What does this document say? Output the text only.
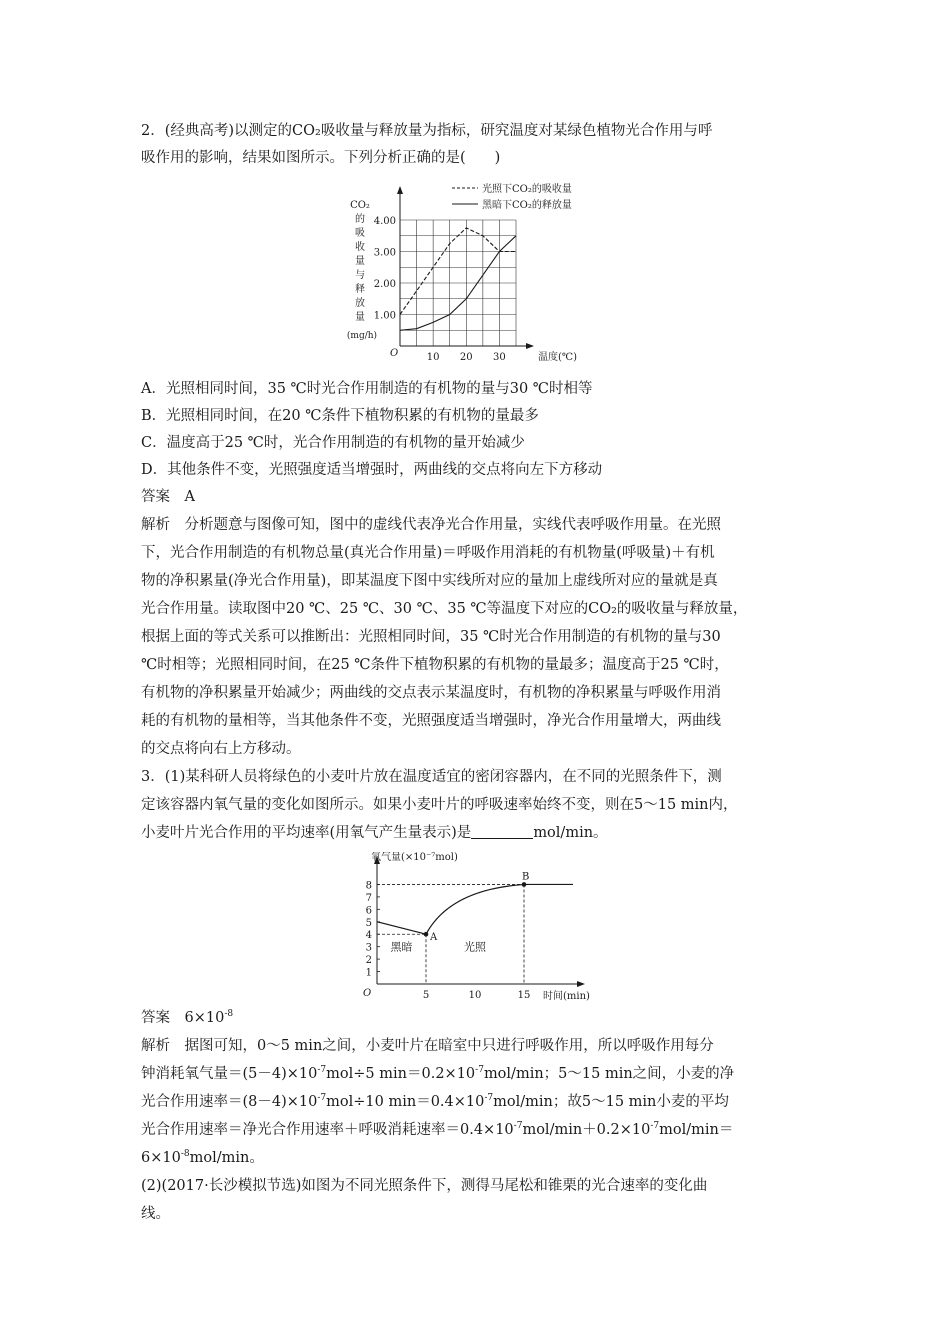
2．(经典高考)以测定的CO₂吸收量与释放量为指标，研究温度对某绿色植物光合作用与呼

吸作用的影响，结果如图所示。下列分析正确的是(　　)

光照下CO₂的吸收量
黑暗下CO₂的释放量
CO₂
的
吸
收
量
与
释
放
量
(mg/h)
1.00
2.00
3.00
4.00
10 20 30
O	温度(℃)

A．光照相同时间，35 ℃时光合作用制造的有机物的量与30 ℃时相等

B．光照相同时间，在20 ℃条件下植物积累的有机物的量最多

C．温度高于25 ℃时，光合作用制造的有机物的量开始减少

D．其他条件不变，光照强度适当增强时，两曲线的交点将向左下方移动

答案　A

解析　分析题意与图像可知，图中的虚线代表净光合作用量，实线代表呼吸作用量。在光照

下，光合作用制造的有机物总量(真光合作用量)＝呼吸作用消耗的有机物量(呼吸量)＋有机

物的净积累量(净光合作用量)，即某温度下图中实线所对应的量加上虚线所对应的量就是真

光合作用量。读取图中20 ℃、25 ℃、30 ℃、35 ℃等温度下对应的CO₂的吸收量与释放量，

根据上面的等式关系可以推断出：光照相同时间，35 ℃时光合作用制造的有机物的量与30

℃时相等；光照相同时间，在25 ℃条件下植物积累的有机物的量最多；温度高于25 ℃时，

有机物的净积累量开始减少；两曲线的交点表示某温度时，有机物的净积累量与呼吸作用消

耗的有机物的量相等，当其他条件不变，光照强度适当增强时，净光合作用量增大，两曲线

的交点将向右上方移动。

3．(1)某科研人员将绿色的小麦叶片放在温度适宜的密闭容器内，在不同的光照条件下，测

定该容器内氧气量的变化如图所示。如果小麦叶片的呼吸速率始终不变，则在5～15 min内，

小麦叶片光合作用的平均速率(用氧气产生量表示)是	mol/min。

1
2
3
4
5
6
7
8
5	10	15
O	时间(min)
氧气量(×10⁻⁷mol)
A
B
黑暗	光照

答案　$6\times 10^{-8}$

解析　据图可知，0～5 min之间，小麦叶片在暗室中只进行呼吸作用，所以呼吸作用每分

钟消耗氧气量$=(5-4)\times 10^{-7}mol\div 5$ $\min=0.2\times 10^{-7}mol/\min$；5～15 min之间，小麦的净

光合作用速率$=(8-4)\times 10^{-7}mol\div 10$ $\min=0.4\times 10^{-7}mol/\min$；故5～15 min小麦的平均

光合作用速率＝净光合作用速率＋呼吸消耗速率$=0.4\times 10^{-7}mol/\min+0.2\times 10^{-7}mol/\min=$

$6\times 10^{-8}mol/\min$。

(2)(2017·长沙模拟节选)如图为不同光照条件下，测得马尾松和锥栗的光合速率的变化曲

线。
